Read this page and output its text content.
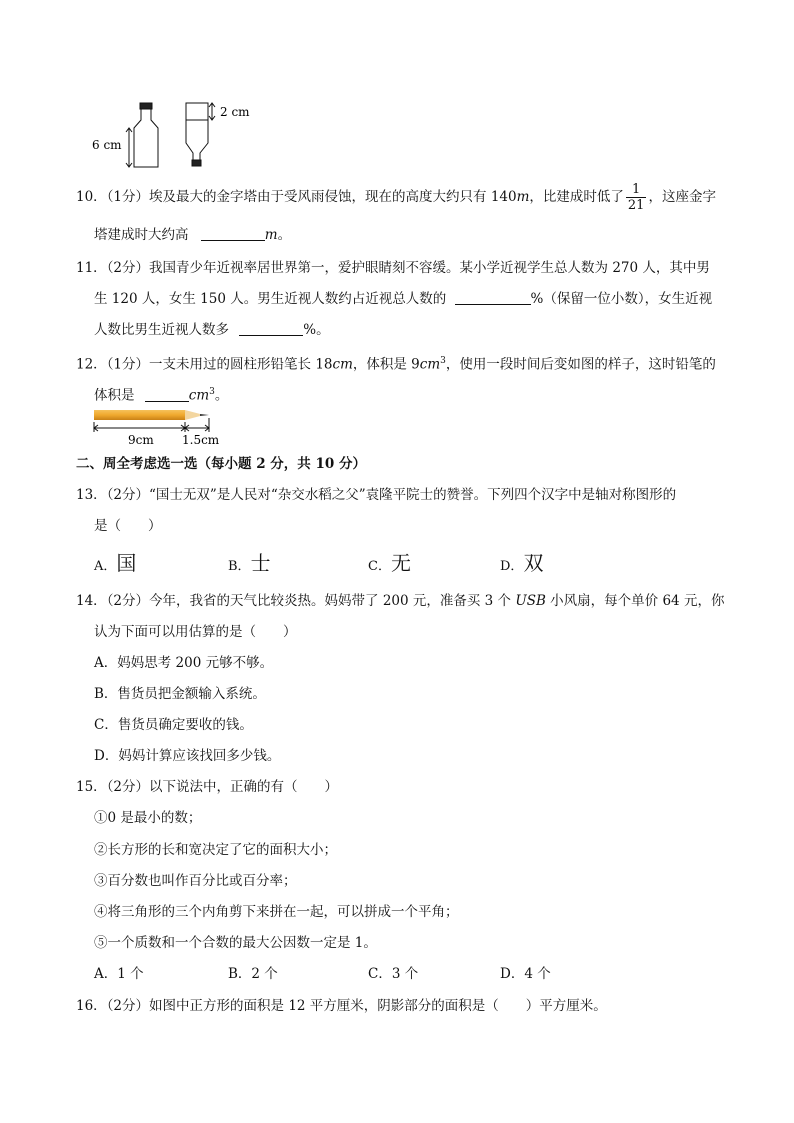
6 cm
2 cm
10．（1分）埃及最大的金字塔由于受风雨侵蚀，现在的高度大约只有 140m，比建成时低了 $\frac{1}{21}$ ，这座金字
塔建成时大约高	m。
11．（2分）我国青少年近视率居世界第一，爱护眼睛刻不容缓。某小学近视学生总人数为 270 人，其中男
生 120 人，女生 150 人。男生近视人数约占近视总人数的	%（保留一位小数），女生近视
人数比男生近视人数多	%。
12．（1分）一支未用过的圆柱形铅笔长 18cm，体积是 $9cm^3$，使用一段时间后变如图的样子，这时铅笔的
体积是	$cm^3$。
9cm 1.5cm
二、周全考虑选一选（每小题 2 分，共 10 分）
13．（2分）“国士无双”是人民对“杂交水稻之父”袁隆平院士的赞誉。下列四个汉字中是轴对称图形的
是（　　）
A．国	B．士	C．无	D．双
14．（2分）今年，我省的天气比较炎热。妈妈带了 200 元，准备买 3 个 USB 小风扇，每个单价 64 元，你
认为下面可以用估算的是（　　）
A．妈妈思考 200 元够不够。
B．售货员把金额输入系统。
C．售货员确定要收的钱。
D．妈妈计算应该找回多少钱。
15．（2分）以下说法中，正确的有（　　）
①0 是最小的数；
②长方形的长和宽决定了它的面积大小；
③百分数也叫作百分比或百分率；
④将三角形的三个内角剪下来拼在一起，可以拼成一个平角；
⑤一个质数和一个合数的最大公因数一定是 1。
A．1 个	B．2 个	C．3 个	D．4 个
16．（2分）如图中正方形的面积是 12 平方厘米，阴影部分的面积是（　　）平方厘米。
